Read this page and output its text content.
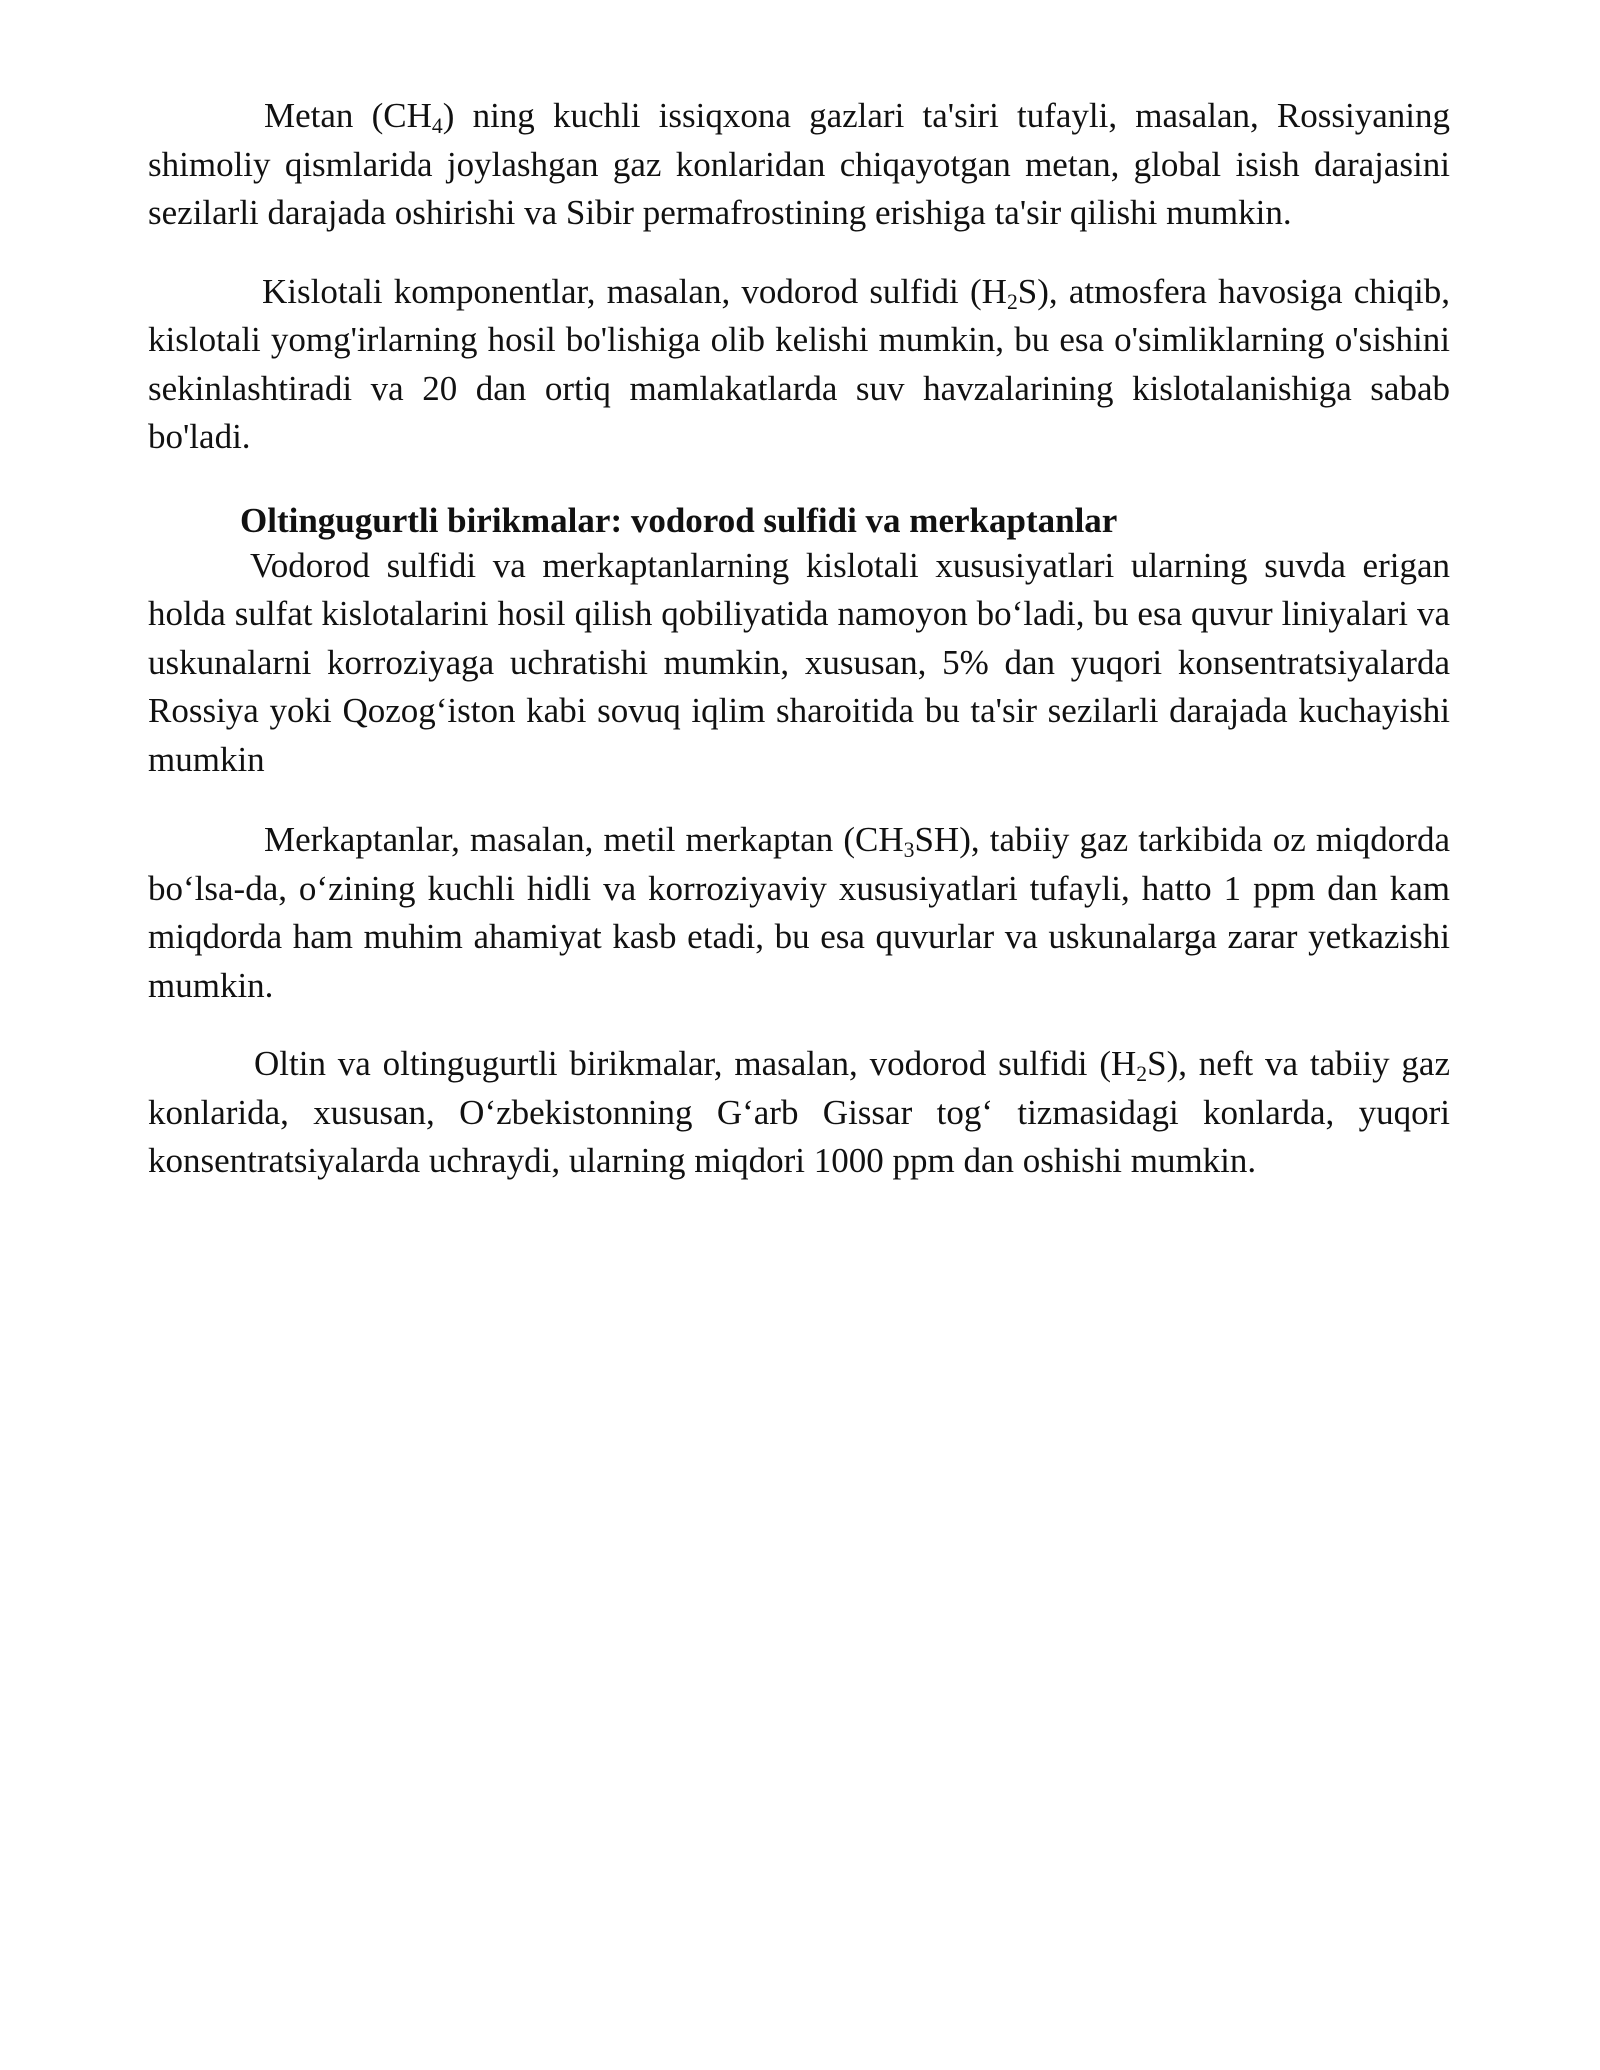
Metan $(CH_4)$ ning kuchli issiqxona gazlari ta'siri tufayli, masalan, Rossiyaning shimoliy qismlarida joylashgan gaz konlaridan chiqayotgan metan, global isish darajasini sezilarli darajada oshirishi va Sibir permafrostining erishiga ta'sir qilishi mumkin.

Kislotali komponentlar, masalan, vodorod sulfidi $(H_2S)$, atmosfera havosiga chiqib, kislotali yomg'irlarning hosil bo'lishiga olib kelishi mumkin, bu esa o'simliklarning o'sishini sekinlashtiradi va 20 dan ortiq mamlakatlarda suv havzalarining kislotalanishiga sabab bo'ladi.

Oltingugurtli birikmalar: vodorod sulfidi va merkaptanlar

Vodorod sulfidi va merkaptanlarning kislotali xususiyatlari ularning suvda erigan holda sulfat kislotalarini hosil qilish qobiliyatida namoyon bo‘ladi, bu esa quvur liniyalari va uskunalarni korroziyaga uchratishi mumkin, xususan, 5% dan yuqori konsentratsiyalarda Rossiya yoki Qozog‘iston kabi sovuq iqlim sharoitida bu ta'sir sezilarli darajada kuchayishi mumkin

Merkaptanlar, masalan, metil merkaptan $(CH_3SH)$, tabiiy gaz tarkibida oz miqdorda bo‘lsa-da, o‘zining kuchli hidli va korroziyaviy xususiyatlari tufayli, hatto 1 ppm dan kam miqdorda ham muhim ahamiyat kasb etadi, bu esa quvurlar va uskunalarga zarar yetkazishi mumkin.

Oltin va oltingugurtli birikmalar, masalan, vodorod sulfidi $(H_2S)$, neft va tabiiy gaz konlarida, xususan, O‘zbekistonning G‘arb Gissar tog‘ tizmasidagi konlarda, yuqori konsentratsiyalarda uchraydi, ularning miqdori 1000 ppm dan oshishi mumkin.
